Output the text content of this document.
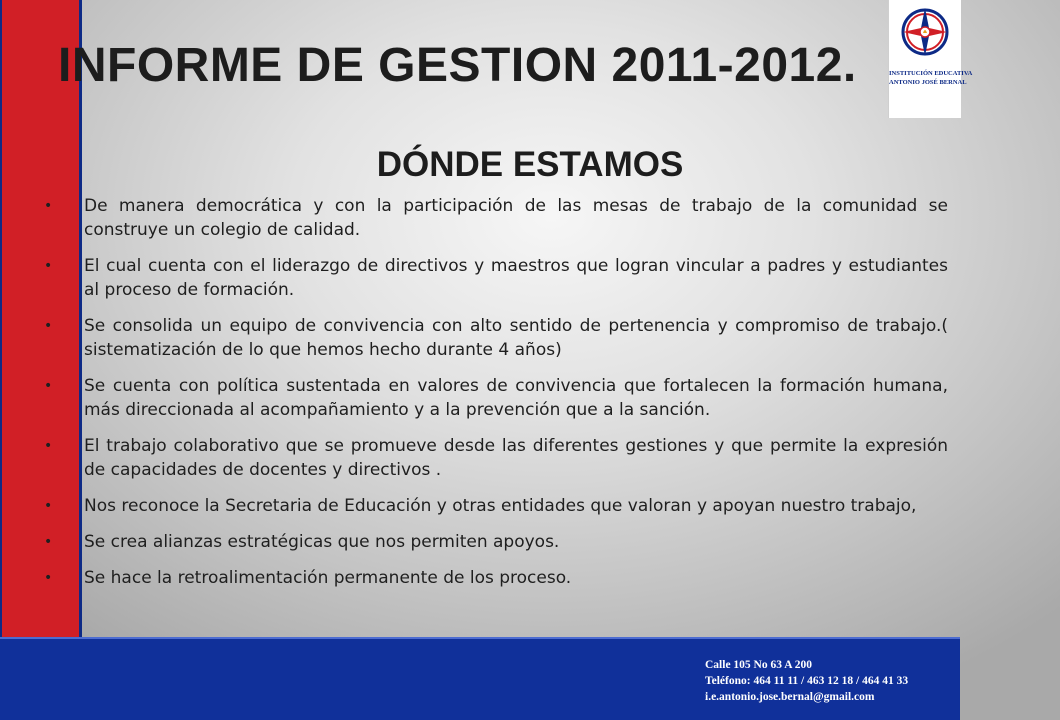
INFORME DE GESTION 2011-2012.	INSTITUCIÓN EDUCATIVA
ANTONIO JOSÉ BERNAL
DÓNDE ESTAMOS
• De manera democrática y con la participación de las mesas de trabajo de la comunidad se construye un colegio de calidad.
• El cual cuenta con el liderazgo de directivos y maestros que logran vincular a padres y estudiantes al proceso de formación.
• Se consolida un equipo de convivencia con alto sentido de pertenencia y compromiso de trabajo.( sistematización de lo que hemos hecho durante 4 años)
• Se cuenta con política sustentada en valores de convivencia que fortalecen la formación humana, más direccionada al acompañamiento y a la prevención que a la sanción.
• El trabajo colaborativo que se promueve desde las diferentes gestiones y que permite la expresión de capacidades de docentes y directivos .
• Nos reconoce la Secretaria de Educación y otras entidades que valoran y apoyan nuestro trabajo,
• Se crea alianzas estratégicas que nos permiten apoyos.
• Se hace la retroalimentación permanente de los proceso.
Calle 105 No 63 A 200
Teléfono: 464 11 11 / 463 12 18 / 464 41 33
i.e.antonio.jose.bernal@gmail.com
